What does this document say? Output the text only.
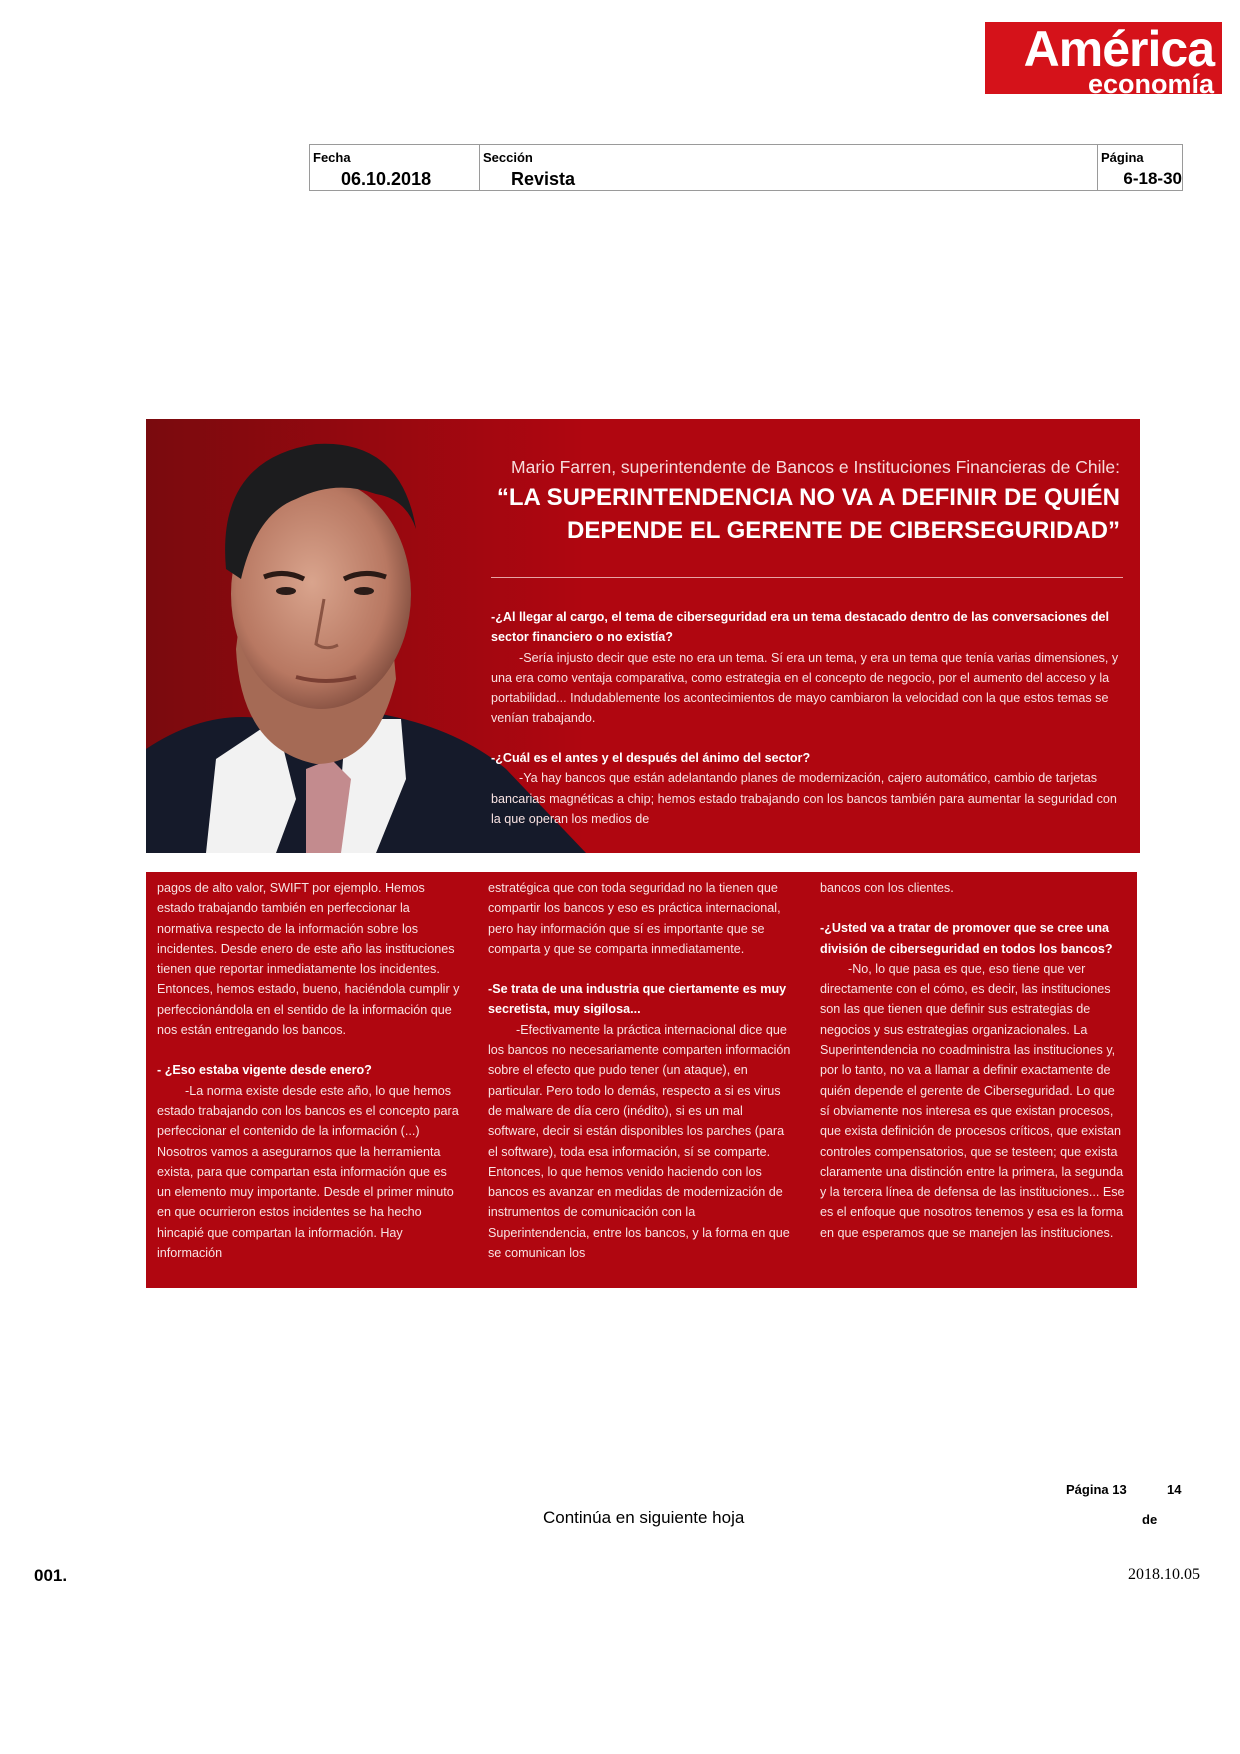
América
economía
Fecha
06.10.2018
Sección
Revista
Página
6-18-30
Mario Farren, superintendente de Bancos e Instituciones Financieras de Chile:
“LA SUPERINTENDENCIA NO VA A DEFINIR DE QUIÉN DEPENDE EL GERENTE DE CIBERSEGURIDAD”
-¿Al llegar al cargo, el tema de ciberseguridad era un tema destacado dentro de las conversaciones del sector financiero o no existía?
-Sería injusto decir que este no era un tema. Sí era un tema, y era un tema que tenía varias dimensiones, y una era como ventaja comparativa, como estrategia en el concepto de negocio, por el aumento del acceso y la portabilidad... Indudablemente los acontecimientos de mayo cambiaron la velocidad con la que estos temas se venían trabajando.
-¿Cuál es el antes y el después del ánimo del sector?
-Ya hay bancos que están adelantando planes de modernización, cajero automático, cambio de tarjetas bancarias magnéticas a chip; hemos estado trabajando con los bancos también para aumentar la seguridad con la que operan los medios de

pagos de alto valor, SWIFT por ejemplo. Hemos estado trabajando también en perfeccionar la normativa respecto de la información sobre los incidentes. Desde enero de este año las instituciones tienen que reportar inmediatamente los incidentes. Entonces, hemos estado, bueno, haciéndola cumplir y perfeccionándola en el sentido de la información que nos están entregando los bancos.

- ¿Eso estaba vigente desde enero?

-La norma existe desde este año, lo que hemos estado trabajando con los bancos es el concepto para perfeccionar el contenido de la información (...) Nosotros vamos a asegurarnos que la herramienta exista, para que compartan esta información que es un elemento muy importante. Desde el primer minuto en que ocurrieron estos incidentes se ha hecho hincapié que compartan la información. Hay información

estratégica que con toda seguridad no la tienen que compartir los bancos y eso es práctica internacional, pero hay información que sí es importante que se comparta y que se comparta inmediatamente.

-Se trata de una industria que ciertamente es muy secretista, muy sigilosa...

-Efectivamente la práctica internacional dice que los bancos no necesariamente comparten información sobre el efecto que pudo tener (un ataque), en particular. Pero todo lo demás, respecto a si es virus de malware de día cero (inédito), si es un mal software, decir si están disponibles los parches (para el software), toda esa información, sí se comparte. Entonces, lo que hemos venido haciendo con los bancos es avanzar en medidas de modernización de instrumentos de comunicación con la Superintendencia, entre los bancos, y la forma en que se comunican los

bancos con los clientes.

-¿Usted va a tratar de promover que se cree una división de ciberseguridad en todos los bancos?

-No, lo que pasa es que, eso tiene que ver directamente con el cómo, es decir, las instituciones son las que tienen que definir sus estrategias de negocios y sus estrategias organizacionales. La Superintendencia no coadministra las instituciones y, por lo tanto, no va a llamar a definir exactamente de quién depende el gerente de Ciberseguridad. Lo que sí obviamente nos interesa es que existan procesos, que exista definición de procesos críticos, que existan controles compensatorios, que se testeen; que exista claramente una distinción entre la primera, la segunda y la tercera línea de defensa de las instituciones... Ese es el enfoque que nosotros tenemos y esa es la forma en que esperamos que se manejen las instituciones.

Página 13	14
de
Continúa en siguiente hoja
001.	2018.10.05
